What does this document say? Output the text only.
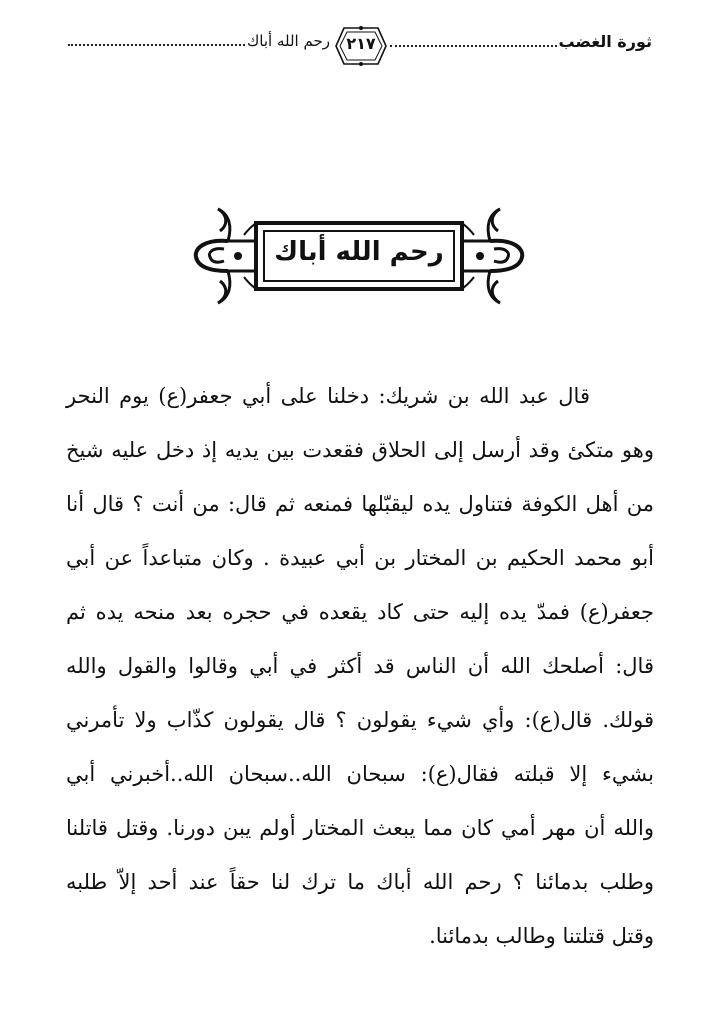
رحم الله أباك	٢١٧	ثورة الغضب
رحم الله أباك
قال عبد الله بن شريك: دخلنا على أبي جعفر(ع) يوم النحر
وهو متكئ وقد أرسل إلى الحلاق فقعدت بين يديه إذ دخل عليه شيخ
من أهل الكوفة فتناول يده ليقبّلها فمنعه ثم قال: من أنت ؟ قال أنا
أبو محمد الحكيم بن المختار بن أبي عبيدة . وكان متباعداً عن أبي
جعفر(ع) فمدّ يده إليه حتى كاد يقعده في حجره بعد منحه يده ثم
قال: أصلحك الله أن الناس قد أكثر في أبي وقالوا والقول والله
قولك. قال(ع): وأي شيء يقولون ؟ قال يقولون كذّاب ولا تأمرني
بشيء إلا قبلته فقال(ع): سبحان الله..سبحان الله..أخبرني أبي
والله أن مهر أمي كان مما يبعث المختار أولم يبن دورنا. وقتل قاتلنا
وطلب بدمائنا ؟ رحم الله أباك ما ترك لنا حقاً عند أحد إلاّ طلبه
وقتل قتلتنا وطالب بدمائنا.
